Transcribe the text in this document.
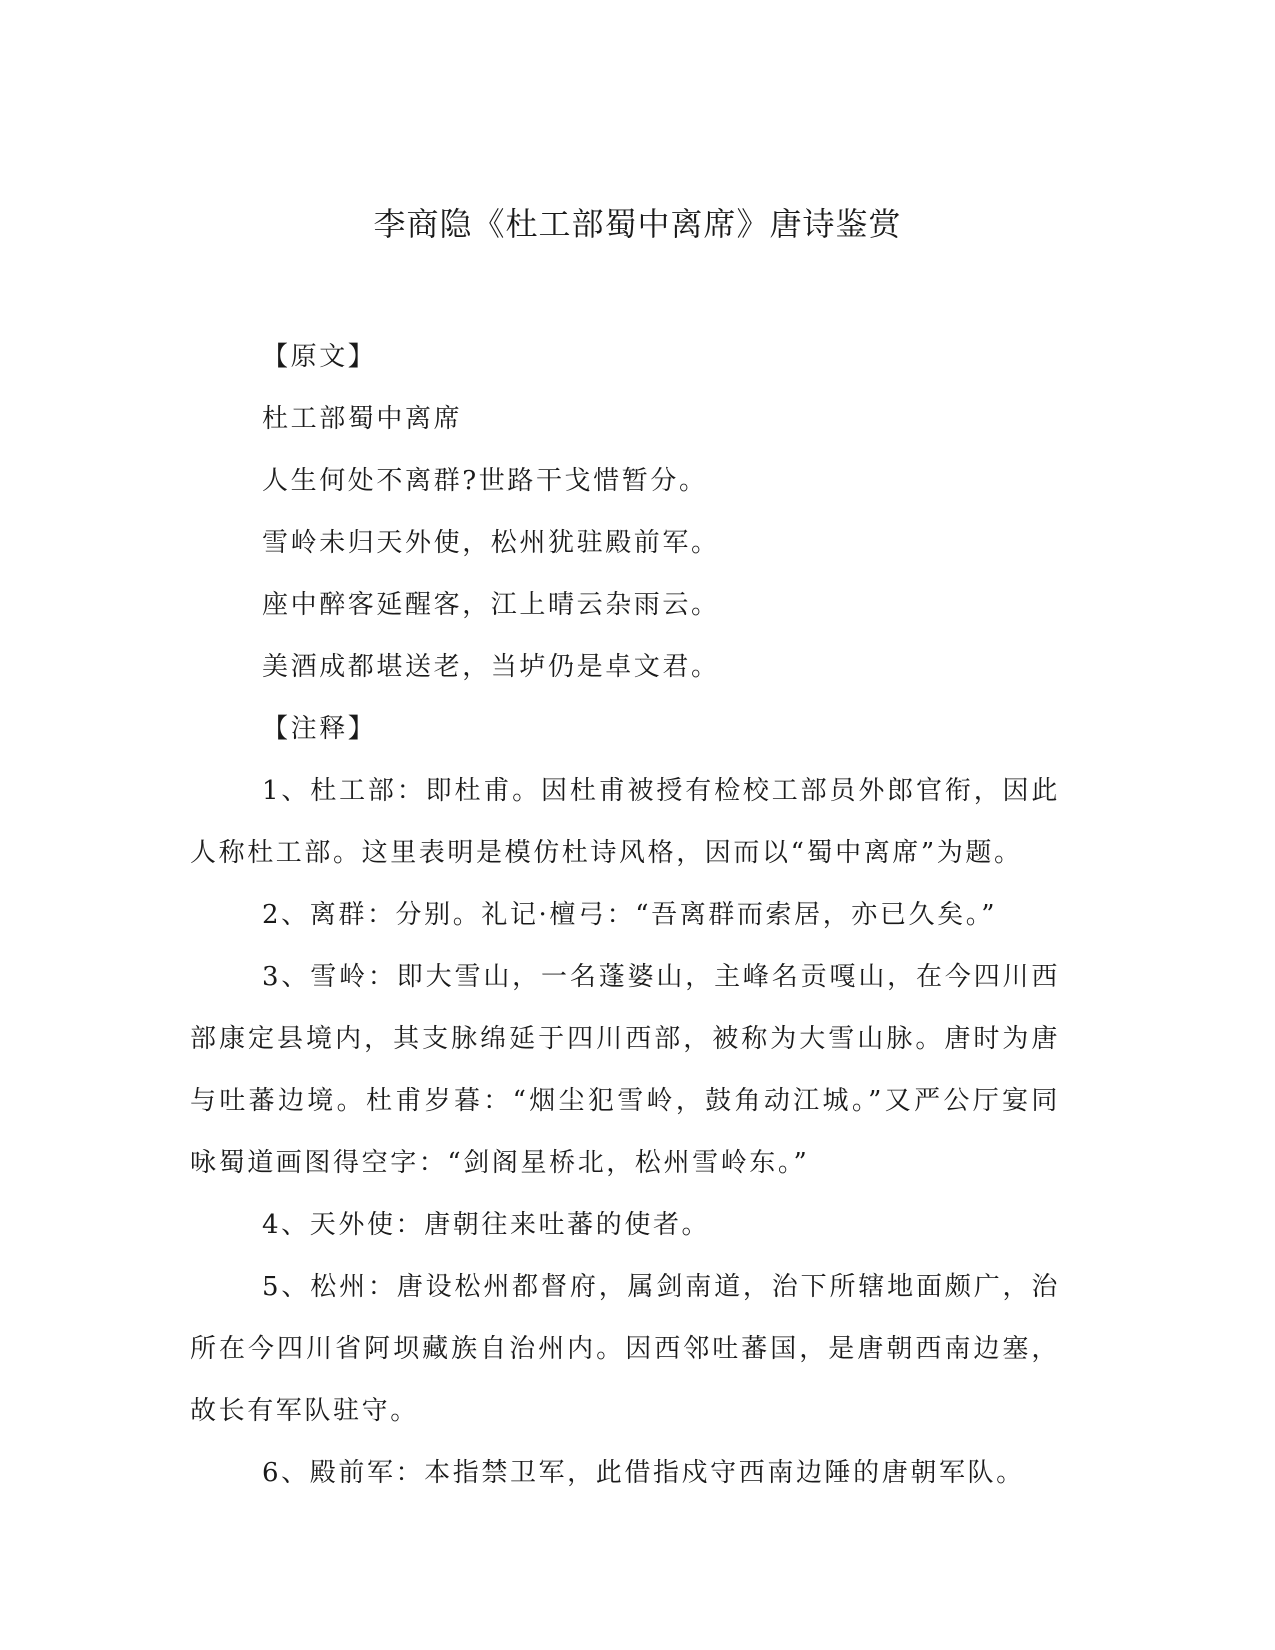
李商隐《杜工部蜀中离席》唐诗鉴赏
【原文】
杜工部蜀中离席
人生何处不离群?世路干戈惜暂分。
雪岭未归天外使，松州犹驻殿前军。
座中醉客延醒客，江上晴云杂雨云。
美酒成都堪送老，当垆仍是卓文君。
【注释】

1、杜工部：即杜甫。因杜甫被授有检校工部员外郎官衔，因此人称杜工部。这里表明是模仿杜诗风格，因而以“蜀中离席”为题。

2、离群：分别。礼记·檀弓：“吾离群而索居，亦已久矣。”

3、雪岭：即大雪山，一名蓬婆山，主峰名贡嘎山，在今四川西部康定县境内，其支脉绵延于四川西部，被称为大雪山脉。唐时为唐与吐蕃边境。杜甫岁暮：“烟尘犯雪岭，鼓角动江城。”又严公厅宴同咏蜀道画图得空字：“剑阁星桥北，松州雪岭东。”

4、天外使：唐朝往来吐蕃的使者。

5、松州：唐设松州都督府，属剑南道，治下所辖地面颇广，治所在今四川省阿坝藏族自治州内。因西邻吐蕃国，是唐朝西南边塞，故长有军队驻守。

6、殿前军：本指禁卫军，此借指戍守西南边陲的唐朝军队。
